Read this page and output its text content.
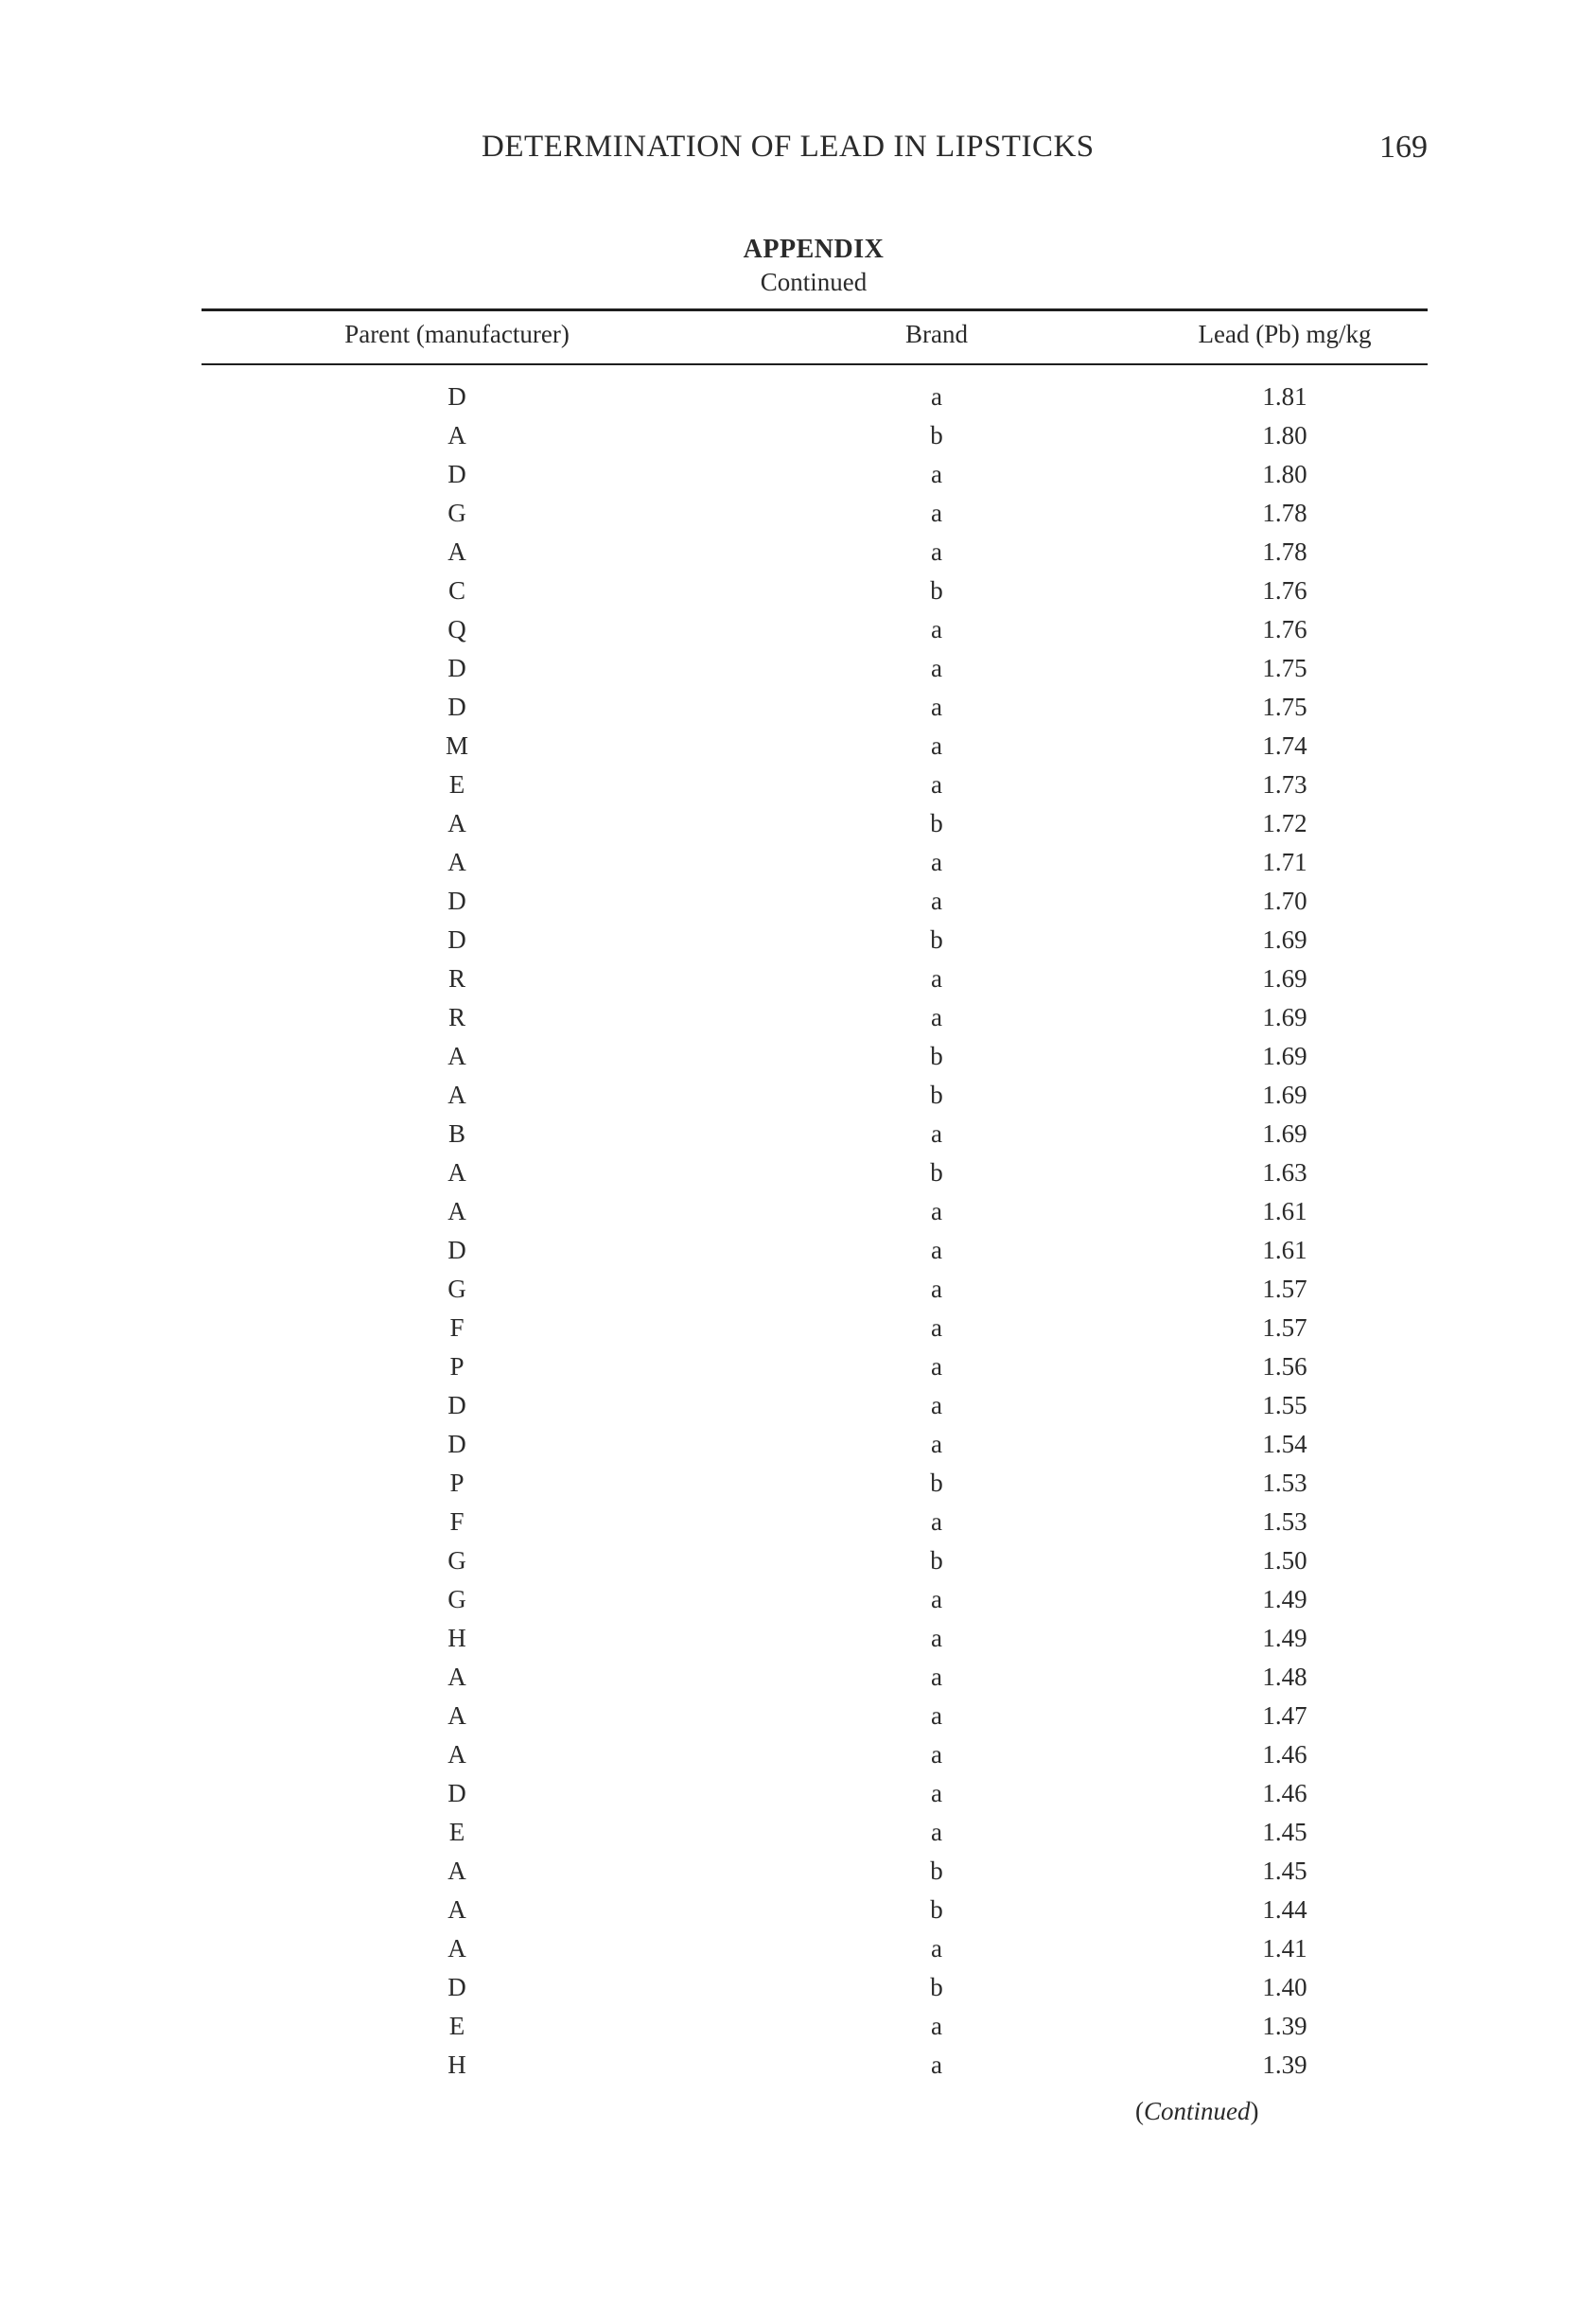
DETERMINATION OF LEAD IN LIPSTICKS	169
APPENDIX
Continued
Parent (manufacturer)	Brand	Lead (Pb) mg/kg
D	a	1.81
A	b	1.80
D	a	1.80
G	a	1.78
A	a	1.78
C	b	1.76
Q	a	1.76
D	a	1.75
D	a	1.75
M	a	1.74
E	a	1.73
A	b	1.72
A	a	1.71
D	a	1.70
D	b	1.69
R	a	1.69
R	a	1.69
A	b	1.69
A	b	1.69
B	a	1.69
A	b	1.63
A	a	1.61
D	a	1.61
G	a	1.57
F	a	1.57
P	a	1.56
D	a	1.55
D	a	1.54
P	b	1.53
F	a	1.53
G	b	1.50
G	a	1.49
H	a	1.49
A	a	1.48
A	a	1.47
A	a	1.46
D	a	1.46
E	a	1.45
A	b	1.45
A	b	1.44
A	a	1.41
D	b	1.40
E	a	1.39
H	a	1.39
(Continued)
